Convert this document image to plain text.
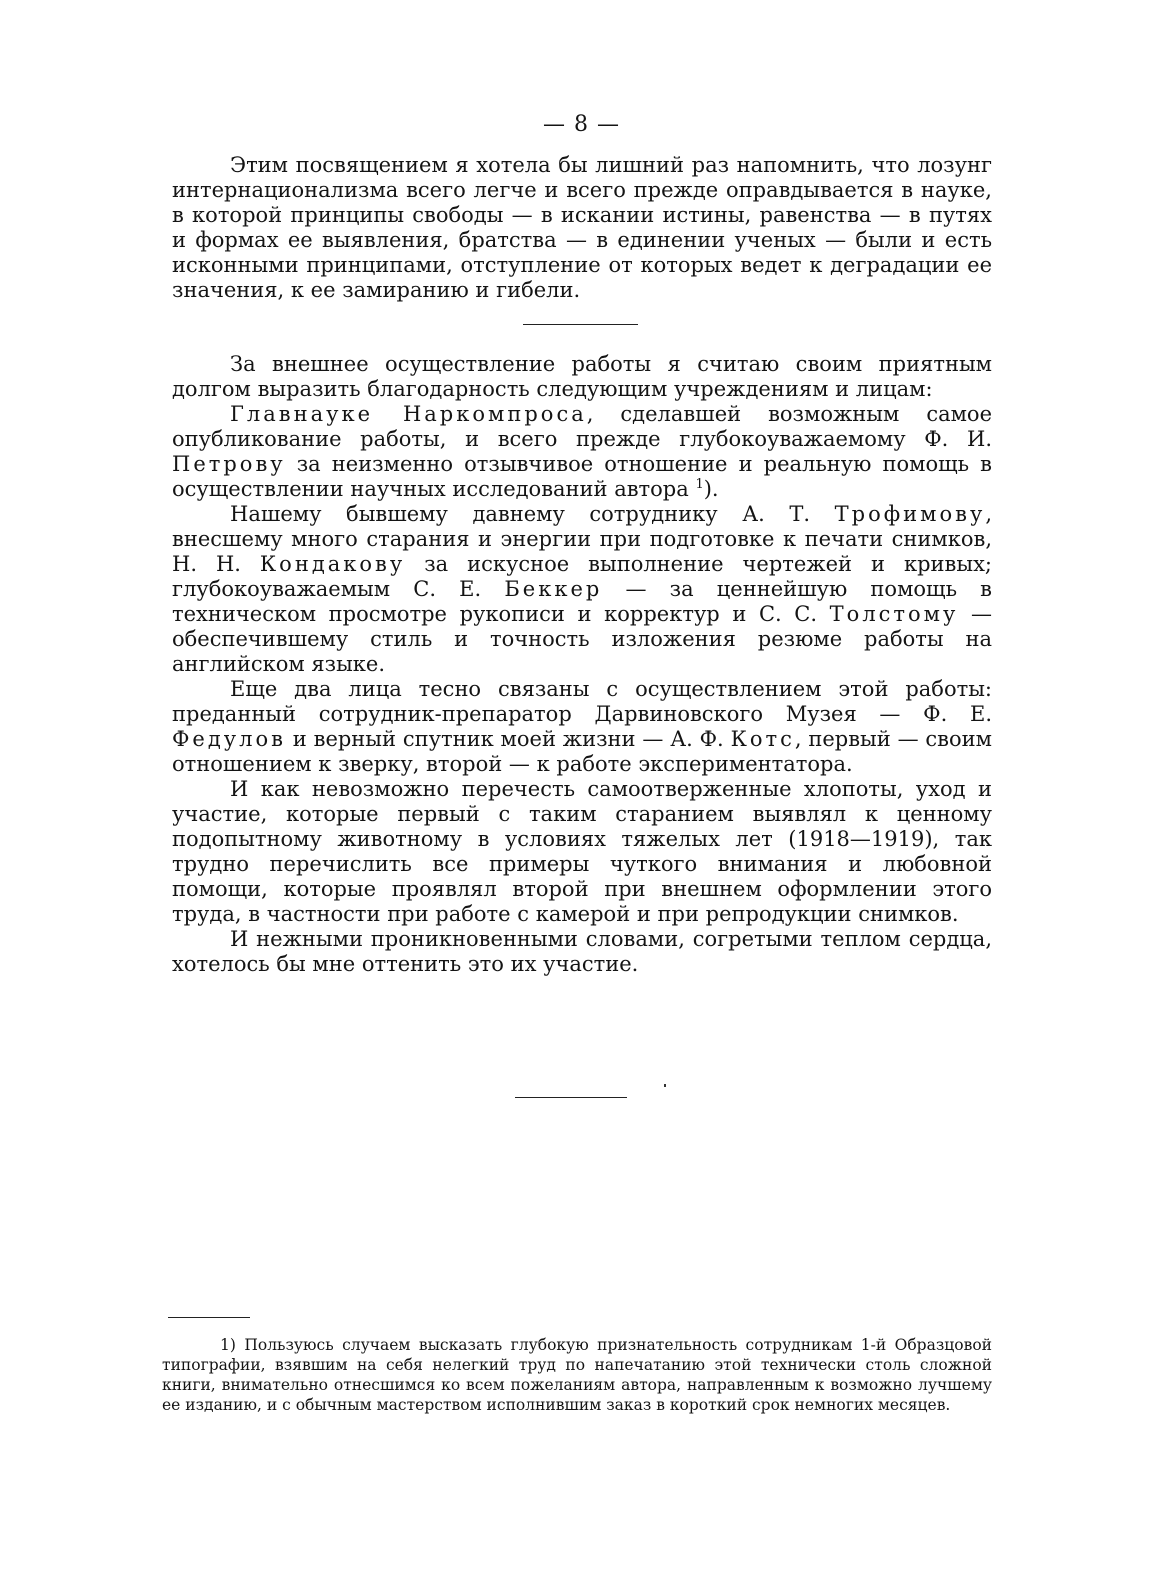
— 8 —

Этим посвящением я хотела бы лишний раз напомнить, что лозунг интернационализма всего легче и всего прежде оправдывается в науке, в которой принципы свободы — в искании истины, равенства — в путях и формах ее выявления, братства — в единении ученых — были и есть исконными принципами, отступление от которых ведет к деградации ее значения, к ее замиранию и гибели.

За внешнее осуществление работы я считаю своим приятным долгом выразить благодарность следующим учреждениям и лицам:

Главнауке Наркомпроса, сделавшей возможным самое опубликование работы, и всего прежде глубокоуважаемому Ф. И. Петрову за неизменно отзывчивое отношение и реальную помощь в осуществлении научных исследований автора $^1$).

Нашему бывшему давнему сотруднику А. Т. Трофимову, внесшему много старания и энергии при подготовке к печати снимков, Н. Н. Кондакову за искусное выполнение чертежей и кривых; глубокоуважаемым С. Е. Беккер — за ценнейшую помощь в техническом просмотре рукописи и корректур и С. С. Толстому — обеспечившему стиль и точность изложения резюме работы на английском языке.

Еще два лица тесно связаны с осуществлением этой работы: преданный сотрудник-препаратор Дарвиновского Музея — Ф. Е. Федулов и верный спутник моей жизни — А. Ф. Котс, первый — своим отношением к зверку, второй — к работе экспериментатора.

И как невозможно перечесть самоотверженные хлопоты, уход и участие, которые первый с таким старанием выявлял к ценному подопытному животному в условиях тяжелых лет (1918—1919), так трудно перечислить все примеры чуткого внимания и любовной помощи, которые проявлял второй при внешнем оформлении этого труда, в частности при работе с камерой и при репродукции снимков.

И нежными проникновенными словами, согретыми теплом сердца, хотелось бы мне оттенить это их участие.

1) Пользуюсь случаем высказать глубокую признательность сотрудникам 1-й Образцовой типографии, взявшим на себя нелегкий труд по напечатанию этой технически столь сложной книги, внимательно отнесшимся ко всем пожеланиям автора, направленным к возможно лучшему ее изданию, и с обычным мастерством исполнившим заказ в короткий срок немногих месяцев.
